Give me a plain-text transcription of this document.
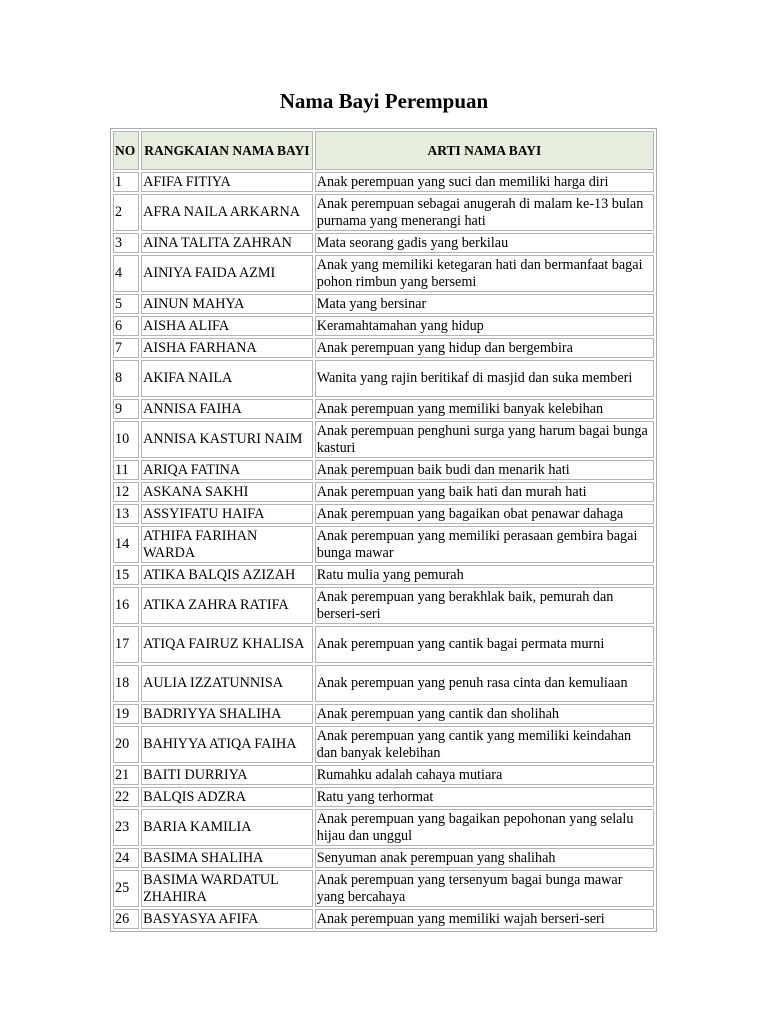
Nama Bayi Perempuan
NO	RANGKAIAN NAMA BAYI	ARTI NAMA BAYI
1	AFIFA FITIYA	Anak perempuan yang suci dan memiliki harga diri
2	AFRA NAILA ARKARNA	Anak perempuan sebagai anugerah di malam ke-13 bulan purnama yang menerangi hati
3	AINA TALITA ZAHRAN	Mata seorang gadis yang berkilau
4	AINIYA FAIDA AZMI	Anak yang memiliki ketegaran hati dan bermanfaat bagai pohon rimbun yang bersemi
5	AINUN MAHYA	Mata yang bersinar
6	AISHA ALIFA	Keramahtamahan yang hidup
7	AISHA FARHANA	Anak perempuan yang hidup dan bergembira
8	AKIFA NAILA	Wanita yang rajin beritikaf di masjid dan suka memberi
9	ANNISA FAIHA	Anak perempuan yang memiliki banyak kelebihan
10	ANNISA KASTURI NAIM	Anak perempuan penghuni surga yang harum bagai bunga kasturi
11	ARIQA FATINA	Anak perempuan baik budi dan menarik hati
12	ASKANA SAKHI	Anak perempuan yang baik hati dan murah hati
13	ASSYIFATU HAIFA	Anak perempuan yang bagaikan obat penawar dahaga
14	ATHIFA FARIHAN WARDA	Anak perempuan yang memiliki perasaan gembira bagai bunga mawar
15	ATIKA BALQIS AZIZAH	Ratu mulia yang pemurah
16	ATIKA ZAHRA RATIFA	Anak perempuan yang berakhlak baik, pemurah dan berseri-seri
17	ATIQA FAIRUZ KHALISA	Anak perempuan yang cantik bagai permata murni
18	AULIA IZZATUNNISA	Anak perempuan yang penuh rasa cinta dan kemuliaan
19	BADRIYYA SHALIHA	Anak perempuan yang cantik dan sholihah
20	BAHIYYA ATIQA FAIHA	Anak perempuan yang cantik yang memiliki keindahan dan banyak kelebihan
21	BAITI DURRIYA	Rumahku adalah cahaya mutiara
22	BALQIS ADZRA	Ratu yang terhormat
23	BARIA KAMILIA	Anak perempuan yang bagaikan pepohonan yang selalu hijau dan unggul
24	BASIMA SHALIHA	Senyuman anak perempuan yang shalihah
25	BASIMA WARDATUL ZHAHIRA	Anak perempuan yang tersenyum bagai bunga mawar yang bercahaya
26	BASYASYA AFIFA	Anak perempuan yang memiliki wajah berseri-seri
